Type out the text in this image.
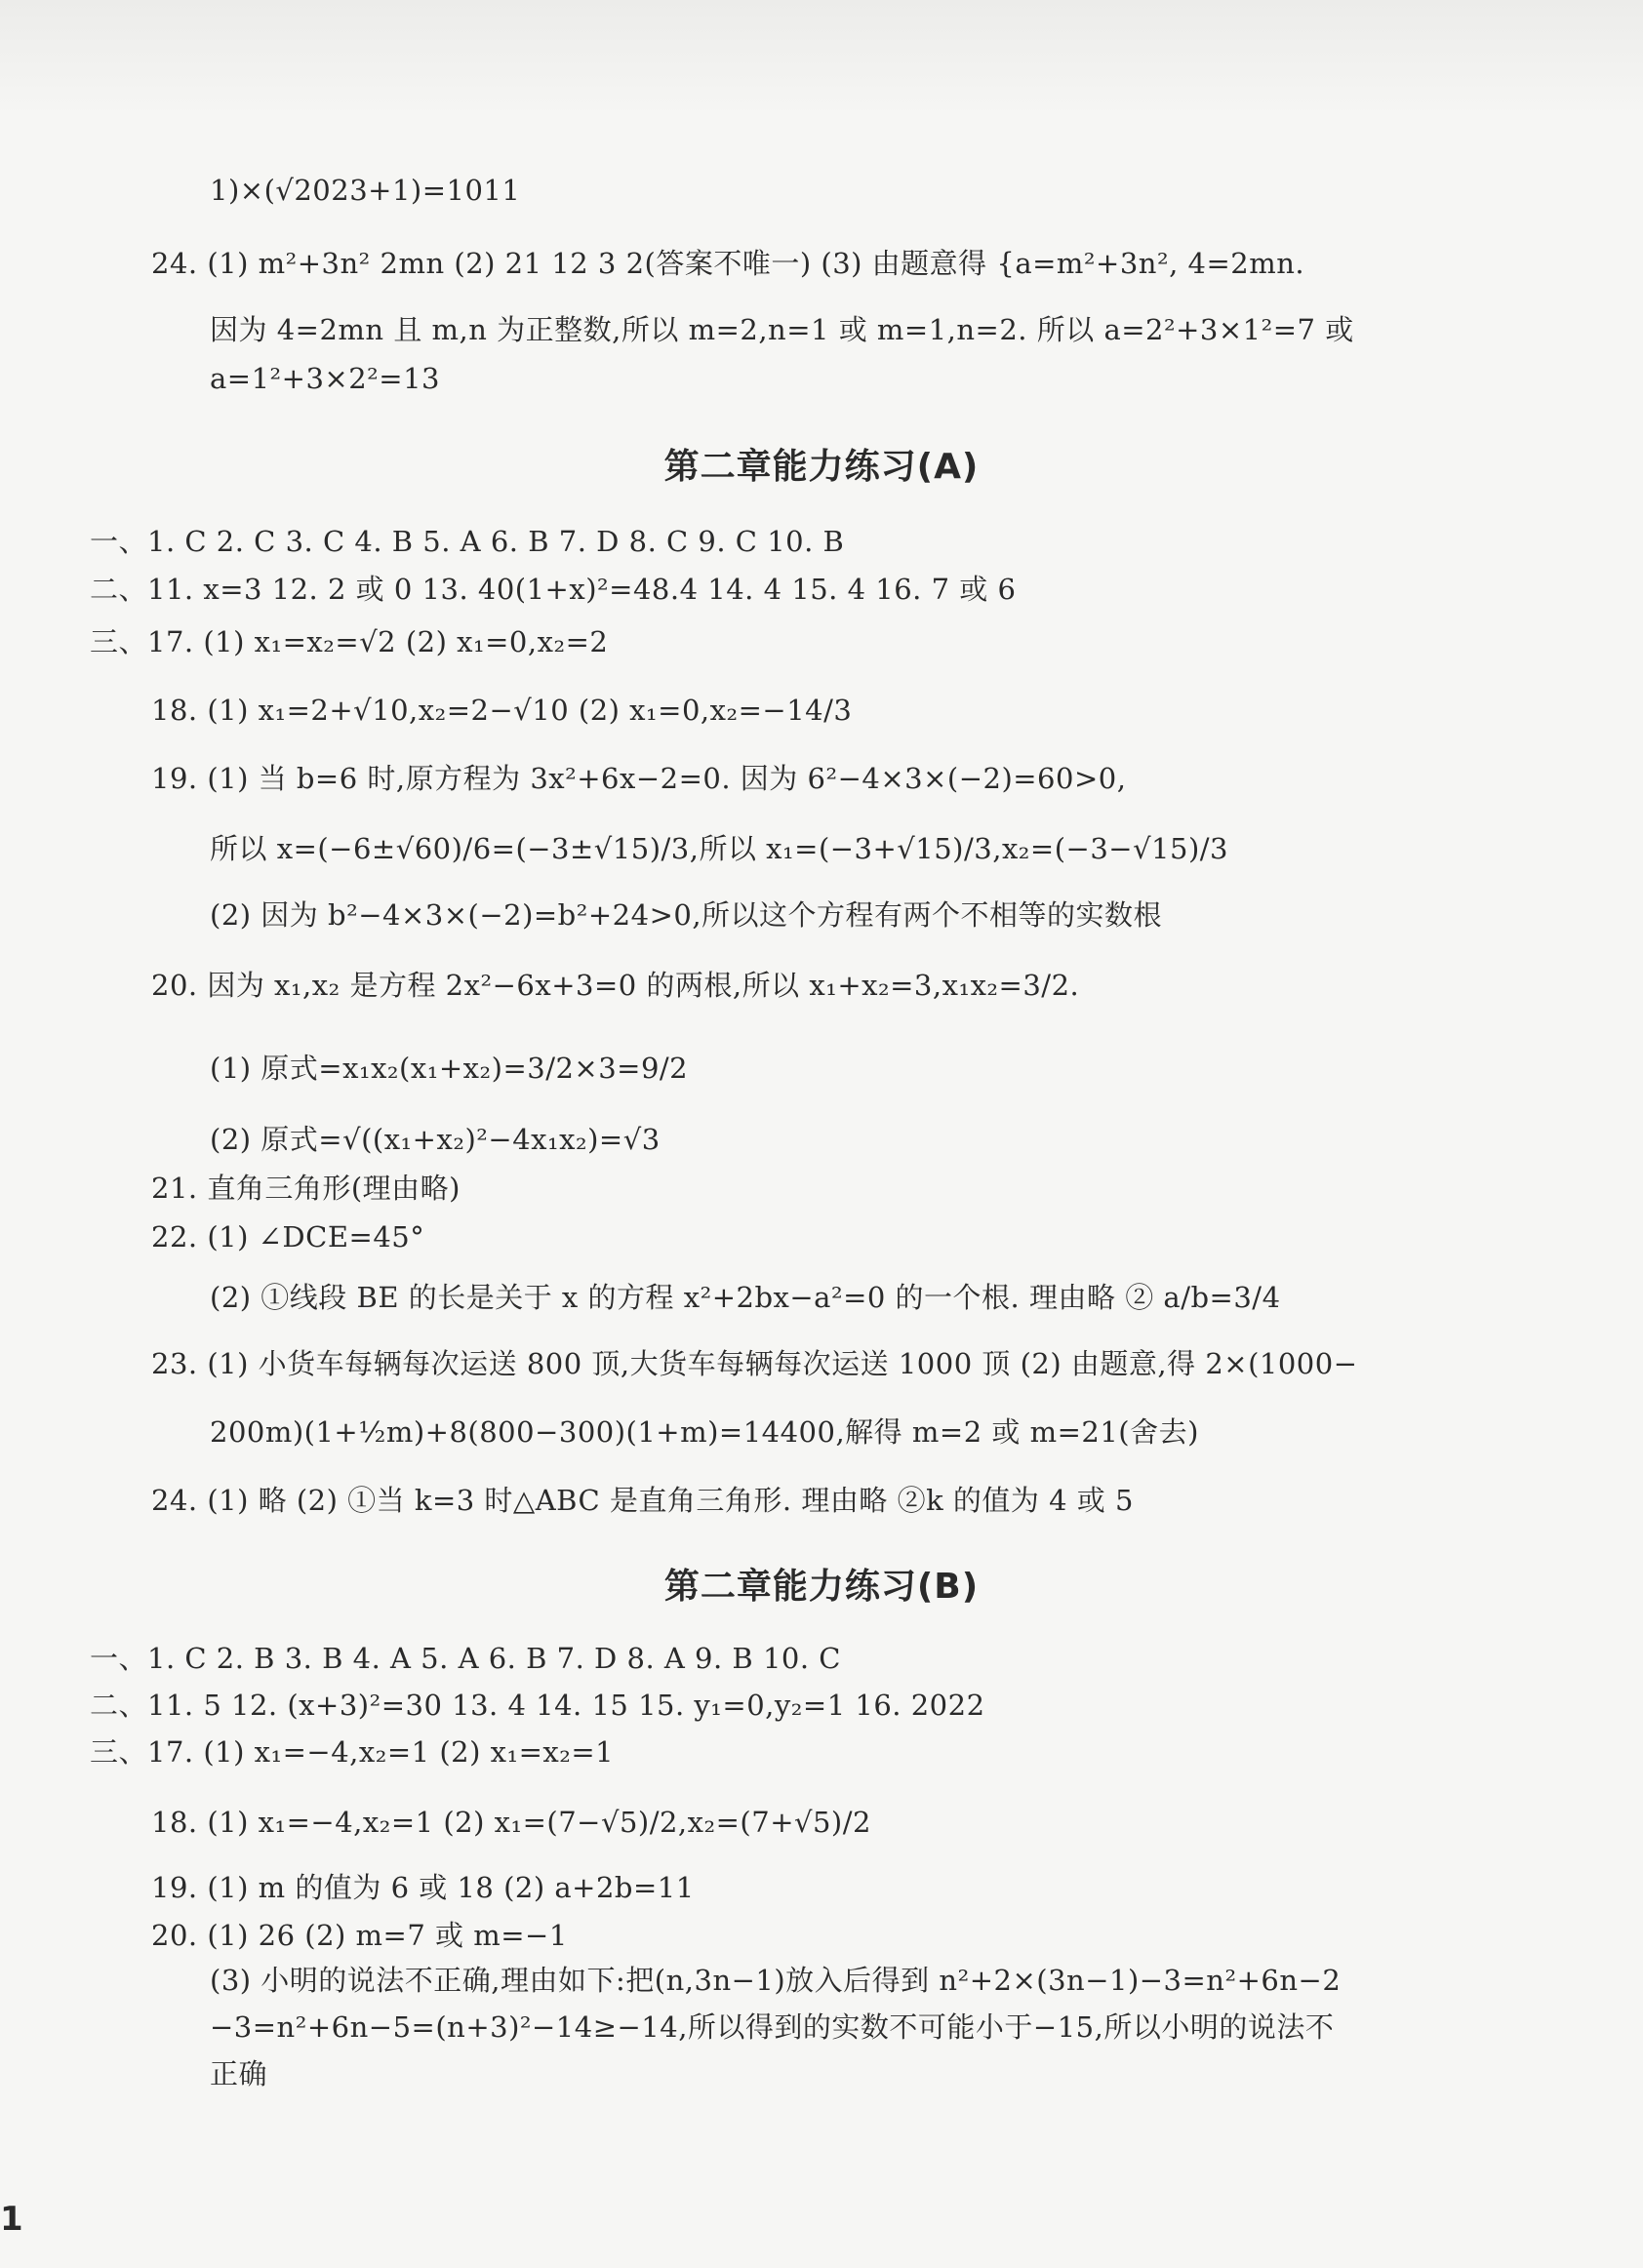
1)×(√2023+1)=1011
24. (1) m²+3n² 2mn (2) 21 12 3 2(答案不唯一) (3) 由题意得 {a=m²+3n², 4=2mn.
因为 4=2mn 且 m,n 为正整数,所以 m=2,n=1 或 m=1,n=2. 所以 a=2²+3×1²=7 或
a=1²+3×2²=13
第二章能力练习(A)
一、1. C 2. C 3. C 4. B 5. A 6. B 7. D 8. C 9. C 10. B
二、11. x=3 12. 2 或 0 13. 40(1+x)²=48.4 14. 4 15. 4 16. 7 或 6
三、17. (1) x₁=x₂=√2 (2) x₁=0,x₂=2
18. (1) x₁=2+√10,x₂=2−√10 (2) x₁=0,x₂=−14/3
19. (1) 当 b=6 时,原方程为 3x²+6x−2=0. 因为 6²−4×3×(−2)=60>0,
所以 x=(−6±√60)/6=(−3±√15)/3,所以 x₁=(−3+√15)/3,x₂=(−3−√15)/3
(2) 因为 b²−4×3×(−2)=b²+24>0,所以这个方程有两个不相等的实数根
20. 因为 x₁,x₂ 是方程 2x²−6x+3=0 的两根,所以 x₁+x₂=3,x₁x₂=3/2.
(1) 原式=x₁x₂(x₁+x₂)=3/2×3=9/2
(2) 原式=√((x₁+x₂)²−4x₁x₂)=√3
21. 直角三角形(理由略)
22. (1) ∠DCE=45°
(2) ①线段 BE 的长是关于 x 的方程 x²+2bx−a²=0 的一个根. 理由略 ② a/b=3/4
23. (1) 小货车每辆每次运送 800 顶,大货车每辆每次运送 1000 顶 (2) 由题意,得 2×(1000−
200m)(1+½m)+8(800−300)(1+m)=14400,解得 m=2 或 m=21(舍去)
24. (1) 略 (2) ①当 k=3 时△ABC 是直角三角形. 理由略 ②k 的值为 4 或 5
第二章能力练习(B)
一、1. C 2. B 3. B 4. A 5. A 6. B 7. D 8. A 9. B 10. C
二、11. 5 12. (x+3)²=30 13. 4 14. 15 15. y₁=0,y₂=1 16. 2022
三、17. (1) x₁=−4,x₂=1 (2) x₁=x₂=1
18. (1) x₁=−4,x₂=1 (2) x₁=(7−√5)/2,x₂=(7+√5)/2
19. (1) m 的值为 6 或 18 (2) a+2b=11
20. (1) 26 (2) m=7 或 m=−1
(3) 小明的说法不正确,理由如下:把(n,3n−1)放入后得到 n²+2×(3n−1)−3=n²+6n−2
−3=n²+6n−5=(n+3)²−14≥−14,所以得到的实数不可能小于−15,所以小明的说法不
正确
1
